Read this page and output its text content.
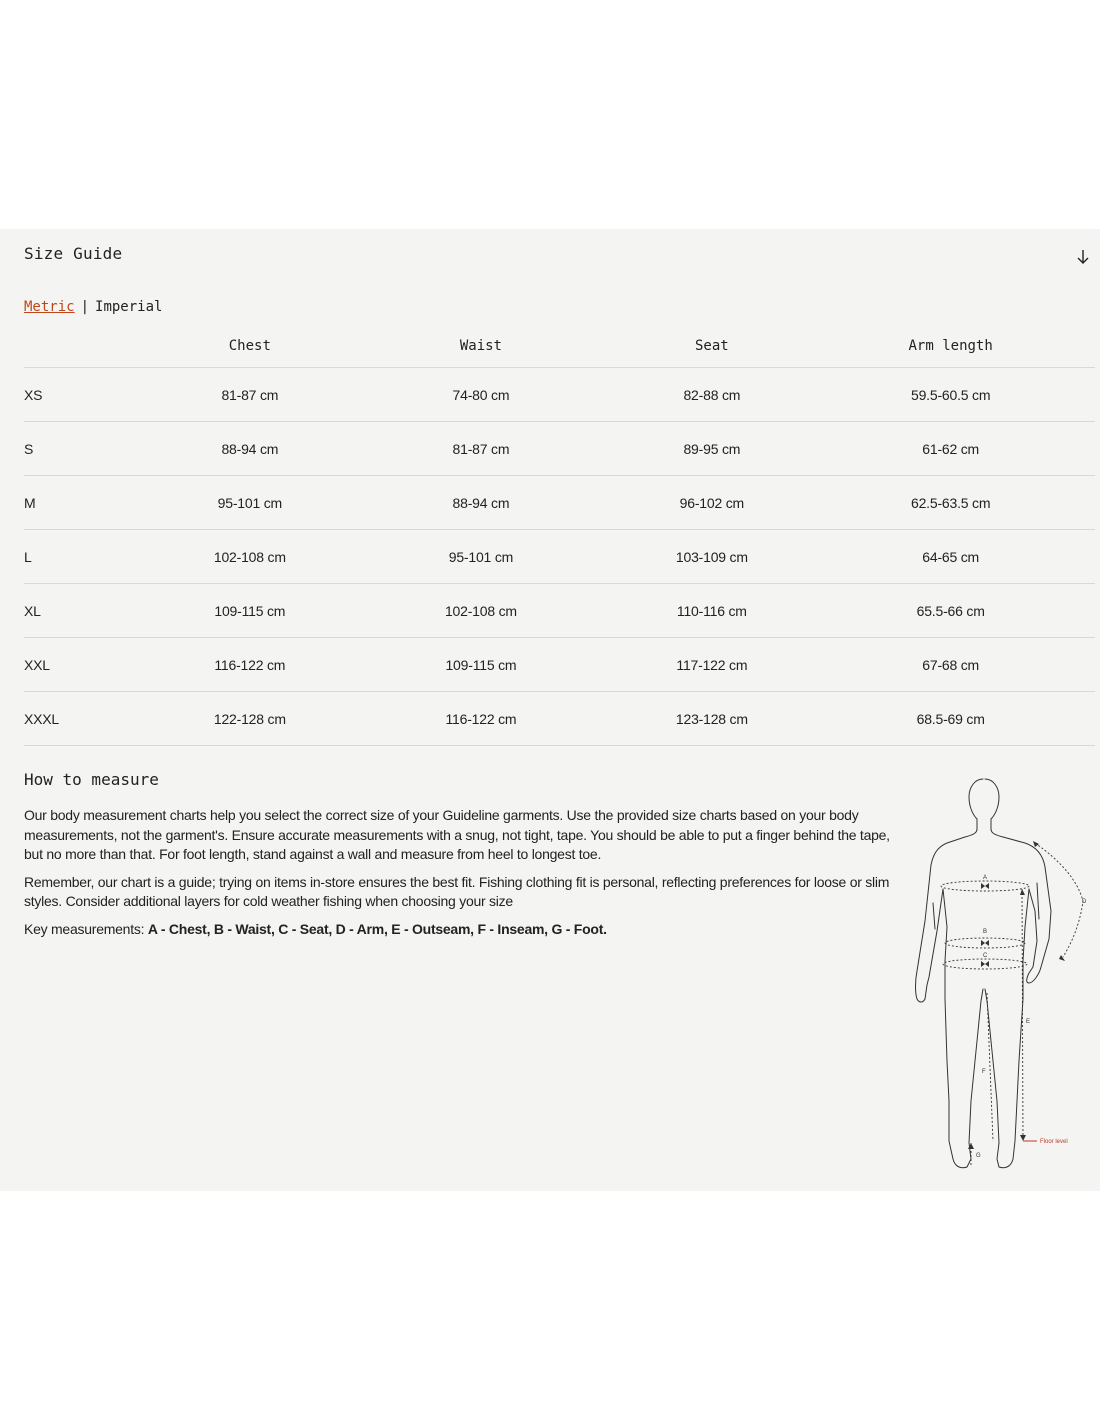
Size Guide
Metric | Imperial
	Chest	Waist	Seat	Arm length
XS	81-87 cm	74-80 cm	82-88 cm	59.5-60.5 cm
S	88-94 cm	81-87 cm	89-95 cm	61-62 cm
M	95-101 cm	88-94 cm	96-102 cm	62.5-63.5 cm
L	102-108 cm	95-101 cm	103-109 cm	64-65 cm
XL	109-115 cm	102-108 cm	110-116 cm	65.5-66 cm
XXL	116-122 cm	109-115 cm	117-122 cm	67-68 cm
XXXL	122-128 cm	116-122 cm	123-128 cm	68.5-69 cm
How to measure

Our body measurement charts help you select the correct size of your Guideline garments. Use the provided size charts based on your body measurements, not the garment's. Ensure accurate measurements with a snug, not tight, tape. You should be able to put a finger behind the tape, but no more than that. For foot length, stand against a wall and measure from heel to longest toe.

Remember, our chart is a guide; trying on items in-store ensures the best fit. Fishing clothing fit is personal, reflecting preferences for loose or slim styles. Consider additional layers for cold weather fishing when choosing your size

Key measurements: A - Chest, B - Waist, C - Seat, D - Arm, E - Outseam, F - Inseam, G - Foot.

A
B
C
D
E
F
G
Floor level
